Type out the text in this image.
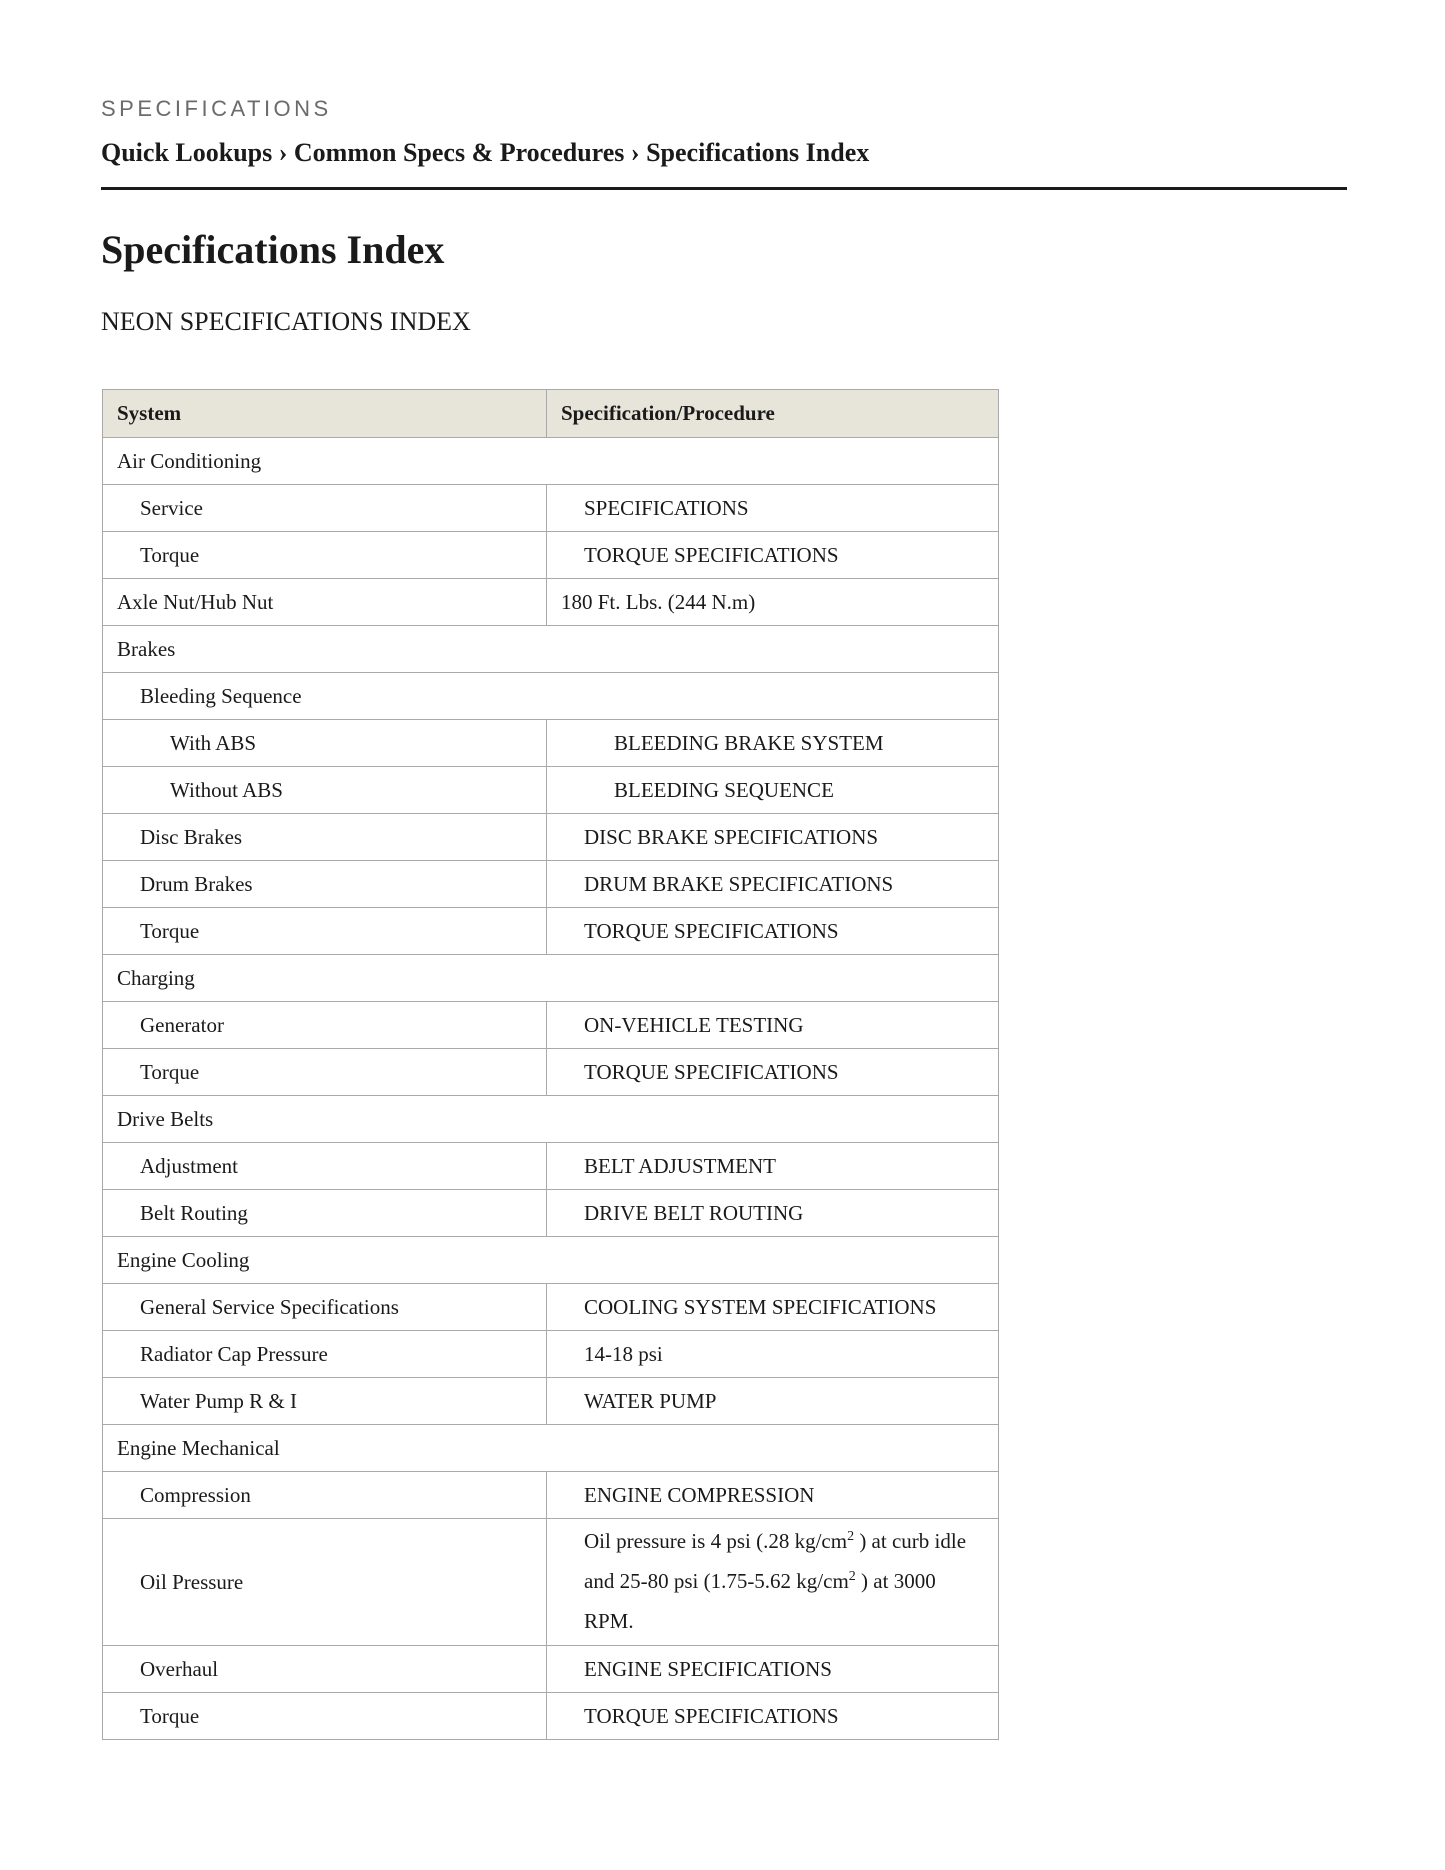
SPECIFICATIONS
Quick Lookups › Common Specs & Procedures › Specifications Index
Specifications Index
NEON SPECIFICATIONS INDEX
System	Specification/Procedure
Air Conditioning	
Service	SPECIFICATIONS
Torque	TORQUE SPECIFICATIONS
Axle Nut/Hub Nut	180 Ft. Lbs. (244 N.m)
Brakes	
Bleeding Sequence	
With ABS	BLEEDING BRAKE SYSTEM
Without ABS	BLEEDING SEQUENCE
Disc Brakes	DISC BRAKE SPECIFICATIONS
Drum Brakes	DRUM BRAKE SPECIFICATIONS
Torque	TORQUE SPECIFICATIONS
Charging	
Generator	ON-VEHICLE TESTING
Torque	TORQUE SPECIFICATIONS
Drive Belts	
Adjustment	BELT ADJUSTMENT
Belt Routing	DRIVE BELT ROUTING
Engine Cooling	
General Service Specifications	COOLING SYSTEM SPECIFICATIONS
Radiator Cap Pressure	14-18 psi
Water Pump R & I	WATER PUMP
Engine Mechanical	
Compression	ENGINE COMPRESSION
Oil Pressure	Oil pressure is 4 psi (.28 $kg/cm^2$ ) at curb idle and 25-80 psi (1.75-5.62 $kg/cm^2$ ) at 3000 RPM.
Overhaul	ENGINE SPECIFICATIONS
Torque	TORQUE SPECIFICATIONS
